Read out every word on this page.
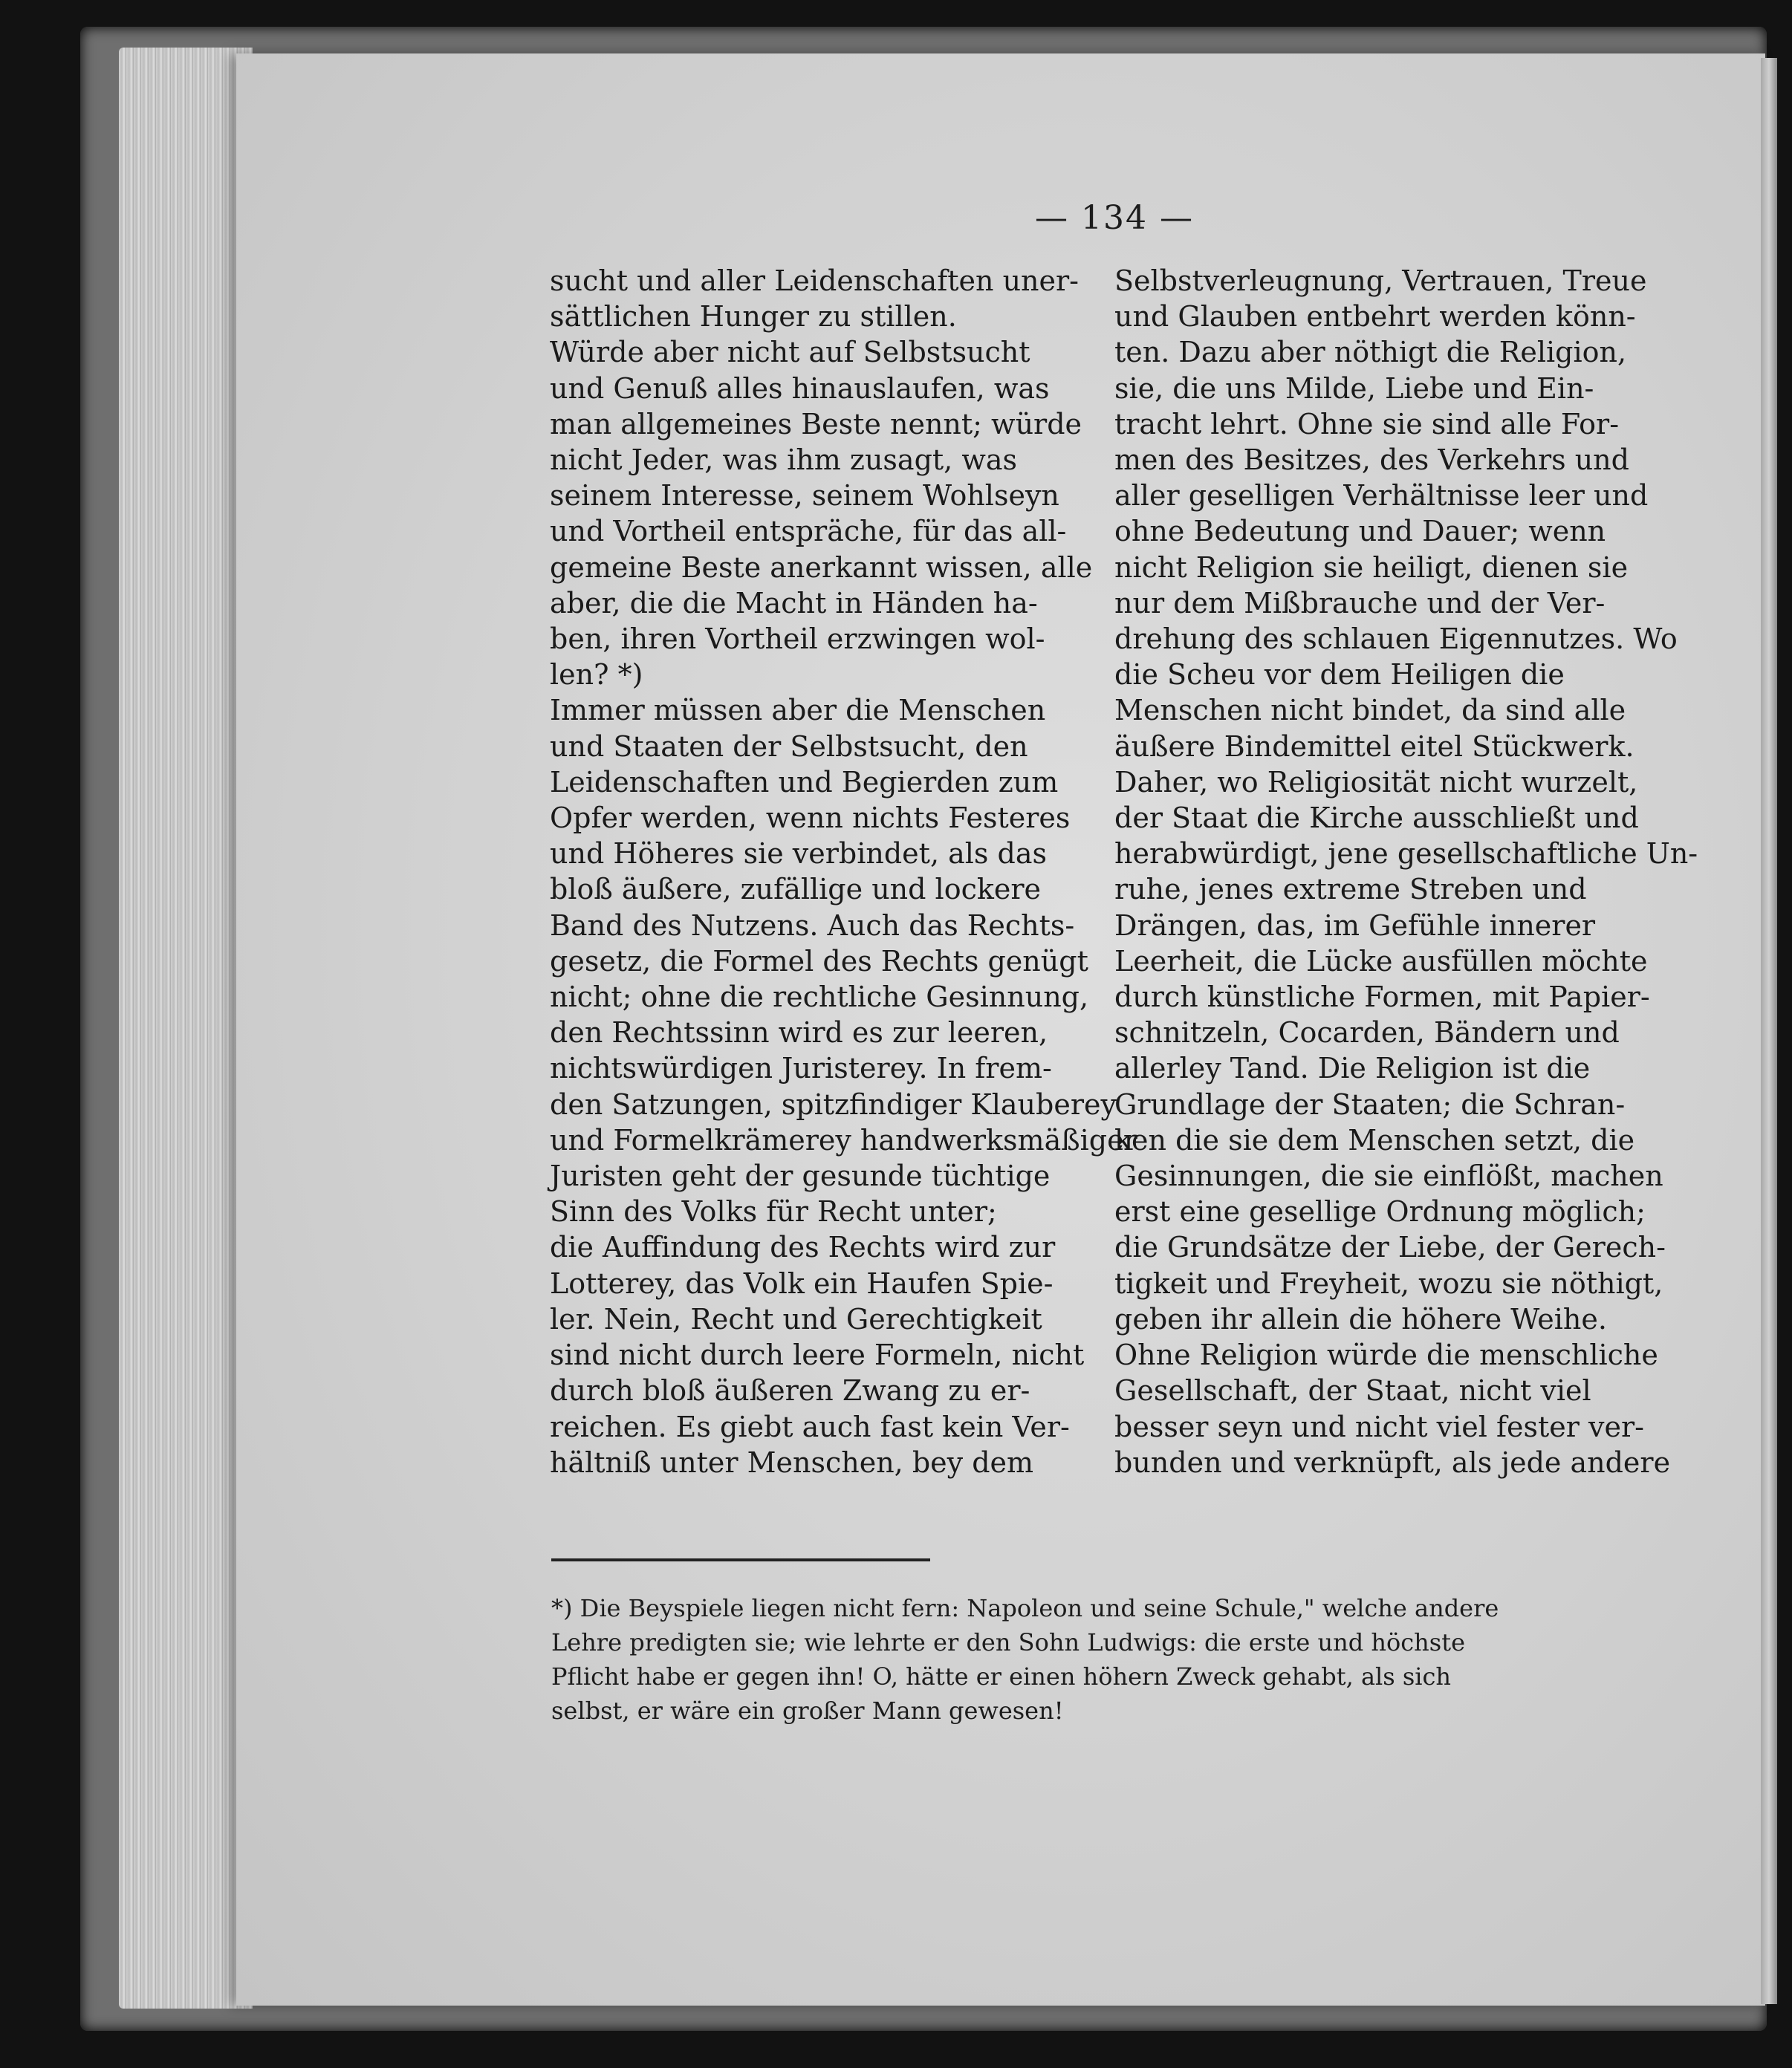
— 134 —
sucht und aller Leidenschaften uner-
sättlichen Hunger zu stillen.
Würde aber nicht auf Selbstsucht
und Genuß alles hinauslaufen, was
man allgemeines Beste nennt; würde
nicht Jeder, was ihm zusagt, was
seinem Interesse, seinem Wohlseyn
und Vortheil entspräche, für das all-
gemeine Beste anerkannt wissen, alle
aber, die die Macht in Händen ha-
ben, ihren Vortheil erzwingen wol-
len? *)
Immer müssen aber die Menschen
und Staaten der Selbstsucht, den
Leidenschaften und Begierden zum
Opfer werden, wenn nichts Festeres
und Höheres sie verbindet, als das
bloß äußere, zufällige und lockere
Band des Nutzens. Auch das Rechts-
gesetz, die Formel des Rechts genügt
nicht; ohne die rechtliche Gesinnung,
den Rechtssinn wird es zur leeren,
nichtswürdigen Juristerey. In frem-
den Satzungen, spitzfindiger Klauberey
und Formelkrämerey handwerksmäßiger
Juristen geht der gesunde tüchtige
Sinn des Volks für Recht unter;
die Auffindung des Rechts wird zur
Lotterey, das Volk ein Haufen Spie-
ler. Nein, Recht und Gerechtigkeit
sind nicht durch leere Formeln, nicht
durch bloß äußeren Zwang zu er-
reichen. Es giebt auch fast kein Ver-
hältniß unter Menschen, bey dem
Selbstverleugnung, Vertrauen, Treue
und Glauben entbehrt werden könn-
ten. Dazu aber nöthigt die Religion,
sie, die uns Milde, Liebe und Ein-
tracht lehrt. Ohne sie sind alle For-
men des Besitzes, des Verkehrs und
aller geselligen Verhältnisse leer und
ohne Bedeutung und Dauer; wenn
nicht Religion sie heiligt, dienen sie
nur dem Mißbrauche und der Ver-
drehung des schlauen Eigennutzes. Wo
die Scheu vor dem Heiligen die
Menschen nicht bindet, da sind alle
äußere Bindemittel eitel Stückwerk.
Daher, wo Religiosität nicht wurzelt,
der Staat die Kirche ausschließt und
herabwürdigt, jene gesellschaftliche Un-
ruhe, jenes extreme Streben und
Drängen, das, im Gefühle innerer
Leerheit, die Lücke ausfüllen möchte
durch künstliche Formen, mit Papier-
schnitzeln, Cocarden, Bändern und
allerley Tand. Die Religion ist die
Grundlage der Staaten; die Schran-
ken die sie dem Menschen setzt, die
Gesinnungen, die sie einflößt, machen
erst eine gesellige Ordnung möglich;
die Grundsätze der Liebe, der Gerech-
tigkeit und Freyheit, wozu sie nöthigt,
geben ihr allein die höhere Weihe.
Ohne Religion würde die menschliche
Gesellschaft, der Staat, nicht viel
besser seyn und nicht viel fester ver-
bunden und verknüpft, als jede andere
*) Die Beyspiele liegen nicht fern: Napoleon und seine Schule," welche andere
Lehre predigten sie; wie lehrte er den Sohn Ludwigs: die erste und höchste
Pflicht habe er gegen ihn! O, hätte er einen höhern Zweck gehabt, als sich
selbst, er wäre ein großer Mann gewesen!
